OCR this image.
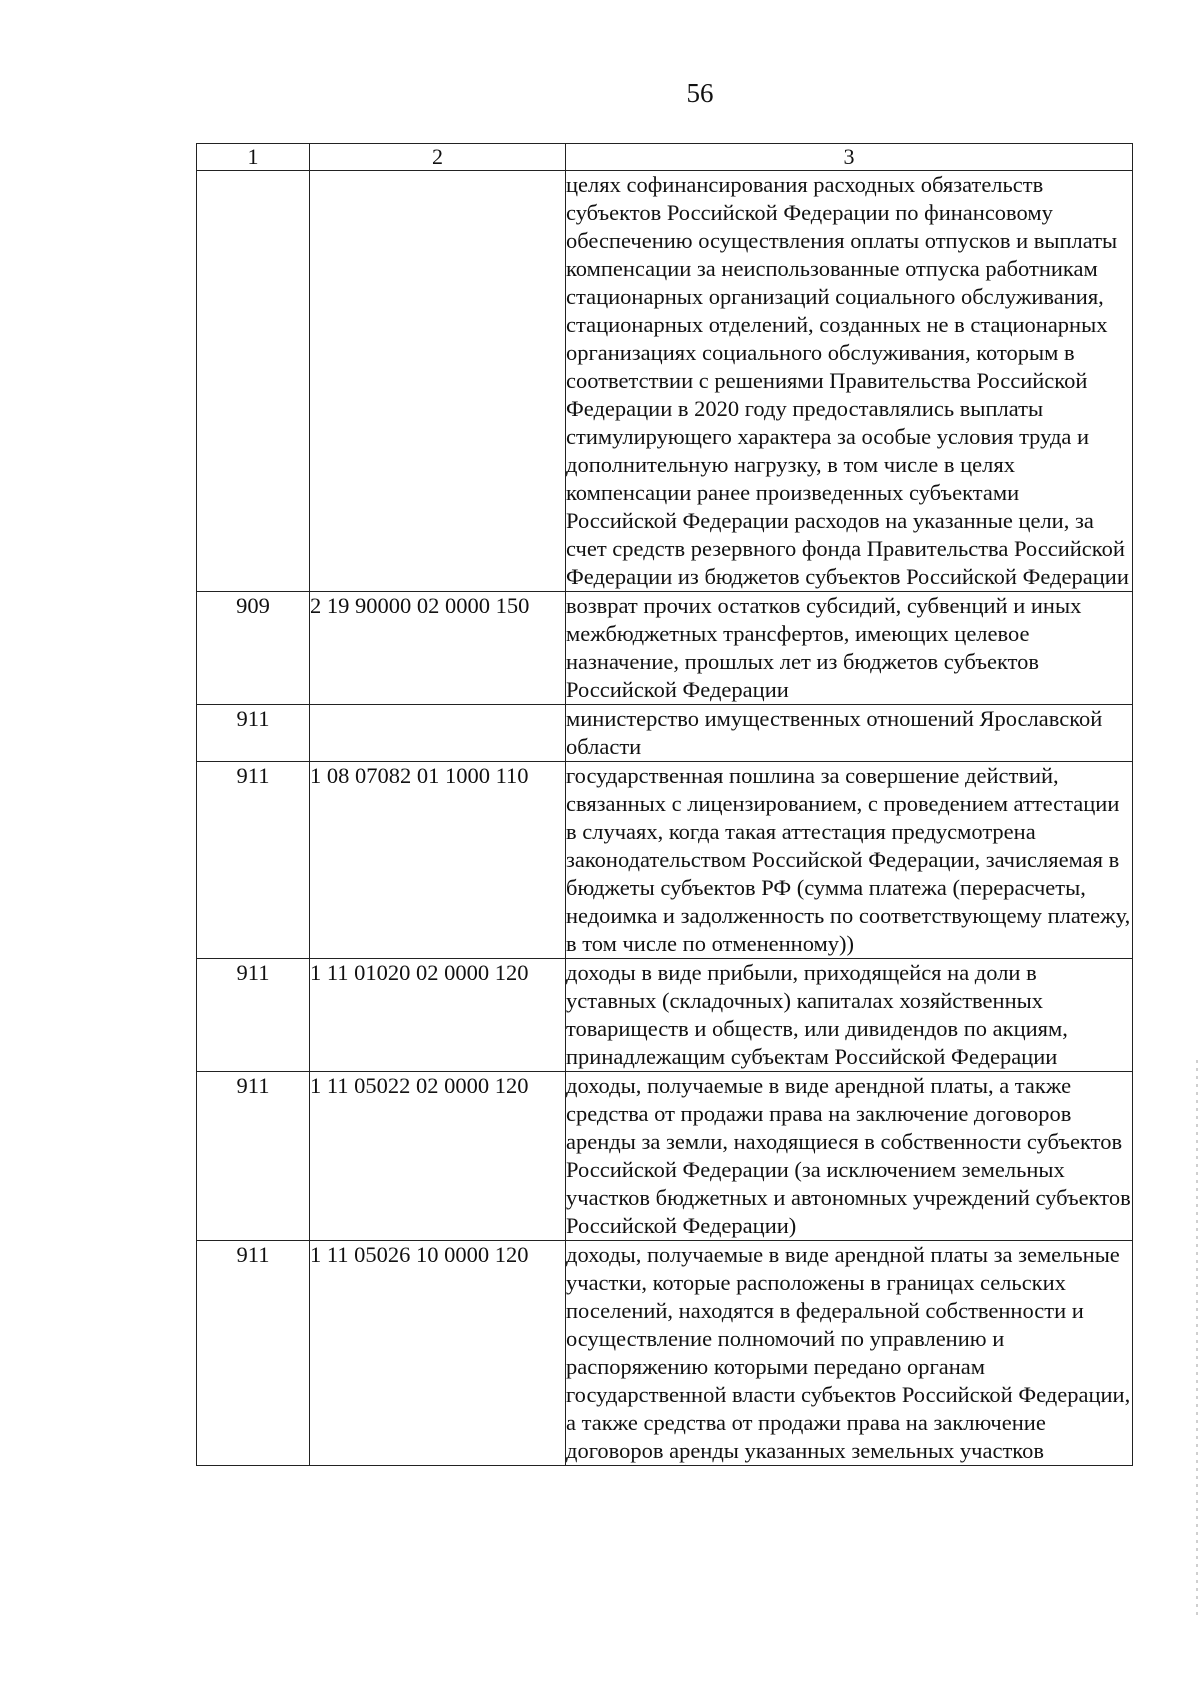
56
1	2	3
		целях софинансирования расходных обязательств субъектов Российской Федерации по финансовому обеспечению осуществления оплаты отпусков и выплаты компенсации за неиспользованные отпуска работникам стационарных организаций социального обслуживания, стационарных отделений, созданных не в стационарных организациях социального обслуживания, которым в соответствии с решениями Правительства Российской Федерации в 2020 году предоставлялись выплаты стимулирующего характера за особые условия труда и дополнительную нагрузку, в том числе в целях компенсации ранее произведенных субъектами Российской Федерации расходов на указанные цели, за счет средств резервного фонда Правительства Российской Федерации из бюджетов субъектов Российской Федерации
909	2 19 90000 02 0000 150	возврат прочих остатков субсидий, субвенций и иных межбюджетных трансфертов, имеющих целевое назначение, прошлых лет из бюджетов субъектов Российской Федерации
911		министерство имущественных отношений Ярославской области
911	1 08 07082 01 1000 110	государственная пошлина за совершение действий, связанных с лицензированием, с проведением аттестации в случаях, когда такая аттестация предусмотрена законодательством Российской Федерации, зачисляемая в бюджеты субъектов РФ (сумма платежа (перерасчеты, недоимка и задолженность по соответствующему платежу, в том числе по отмененному))
911	1 11 01020 02 0000 120	доходы в виде прибыли, приходящейся на доли в уставных (складочных) капиталах хозяйственных товариществ и обществ, или дивидендов по акциям, принадлежащим субъектам Российской Федерации
911	1 11 05022 02 0000 120	доходы, получаемые в виде арендной платы, а также средства от продажи права на заключение договоров аренды за земли, находящиеся в собственности субъектов Российской Федерации (за исключением земельных участков бюджетных и автономных учреждений субъектов Российской Федерации)
911	1 11 05026 10 0000 120	доходы, получаемые в виде арендной платы за земельные участки, которые расположены в границах сельских поселений, находятся в федеральной собственности и осуществление полномочий по управлению и распоряжению которыми передано органам государственной власти субъектов Российской Федерации, а также средства от продажи права на заключение договоров аренды указанных земельных участков
